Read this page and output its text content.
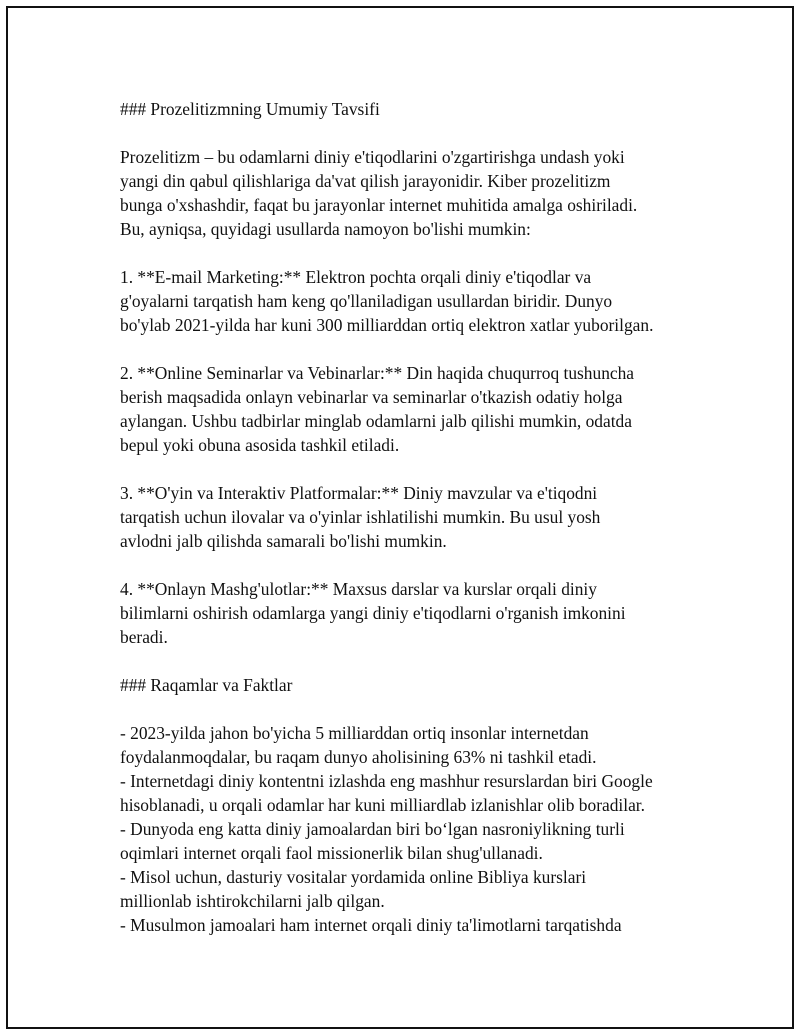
### Prozelitizmning Umumiy Tavsifi

Prozelitizm – bu odamlarni diniy e'tiqodlarini o'zgartirishga undash yoki
yangi din qabul qilishlariga da'vat qilish jarayonidir. Kiber prozelitizm
bunga o'xshashdir, faqat bu jarayonlar internet muhitida amalga oshiriladi.
Bu, ayniqsa, quyidagi usullarda namoyon bo'lishi mumkin:

1. **E-mail Marketing:** Elektron pochta orqali diniy e'tiqodlar va
g'oyalarni tarqatish ham keng qo'llaniladigan usullardan biridir. Dunyo
bo'ylab 2021-yilda har kuni 300 milliarddan ortiq elektron xatlar yuborilgan.

2. **Online Seminarlar va Vebinarlar:** Din haqida chuqurroq tushuncha
berish maqsadida onlayn vebinarlar va seminarlar o'tkazish odatiy holga
aylangan. Ushbu tadbirlar minglab odamlarni jalb qilishi mumkin, odatda
bepul yoki obuna asosida tashkil etiladi.

3. **O'yin va Interaktiv Platformalar:** Diniy mavzular va e'tiqodni
tarqatish uchun ilovalar va o'yinlar ishlatilishi mumkin. Bu usul yosh
avlodni jalb qilishda samarali bo'lishi mumkin.

4. **Onlayn Mashg'ulotlar:** Maxsus darslar va kurslar orqali diniy
bilimlarni oshirish odamlarga yangi diniy e'tiqodlarni o'rganish imkonini
beradi.

### Raqamlar va Faktlar

- 2023-yilda jahon bo'yicha 5 milliarddan ortiq insonlar internetdan
foydalanmoqdalar, bu raqam dunyo aholisining 63% ni tashkil etadi.
- Internetdagi diniy kontentni izlashda eng mashhur resurslardan biri Google
hisoblanadi, u orqali odamlar har kuni milliardlab izlanishlar olib boradilar.
- Dunyoda eng katta diniy jamoalardan biri bo‘lgan nasroniylikning turli
oqimlari internet orqali faol missionerlik bilan shug'ullanadi.
- Misol uchun, dasturiy vositalar yordamida online Bibliya kurslari
millionlab ishtirokchilarni jalb qilgan.
- Musulmon jamoalari ham internet orqali diniy ta'limotlarni tarqatishda
